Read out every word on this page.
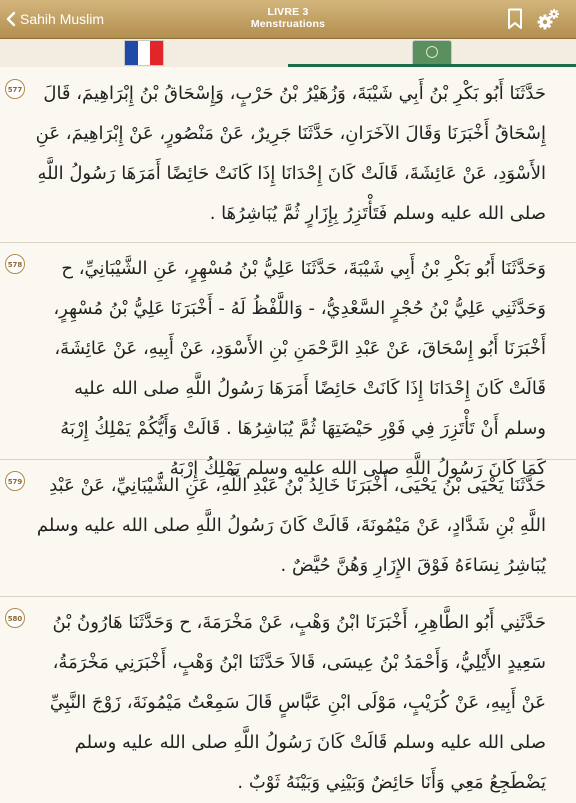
Sahih Muslim	LIVRE 3
Menstruations
577	حَدَّثَنَا أَبُو بَكْرِ بْنُ أَبِي شَيْبَةَ، وَزُهَيْرُ بْنُ حَرْبٍ، وَإِسْحَاقُ بْنُ إِبْرَاهِيمَ، قَالَ إِسْحَاقُ أَخْبَرَنَا وَقَالَ الآخَرَانِ، حَدَّثَنَا جَرِيرٌ، عَنْ مَنْصُورٍ، عَنْ إِبْرَاهِيمَ، عَنِ الأَسْوَدِ، عَنْ عَائِشَةَ، قَالَتْ كَانَ إِحْدَانَا إِذَا كَانَتْ حَائِضًا أَمَرَهَا رَسُولُ اللَّهِ صلى الله عليه وسلم فَتَأْتَزِرُ بِإِزَارٍ ثُمَّ يُبَاشِرُهَا .
578	وَحَدَّثَنَا أَبُو بَكْرِ بْنُ أَبِي شَيْبَةَ، حَدَّثَنَا عَلِيُّ بْنُ مُسْهِرٍ، عَنِ الشَّيْبَانِيِّ، ح وَحَدَّثَنِي عَلِيُّ بْنُ حُجْرٍ السَّعْدِيُّ، - وَاللَّفْظُ لَهُ - أَخْبَرَنَا عَلِيُّ بْنُ مُسْهِرٍ، أَخْبَرَنَا أَبُو إِسْحَاقَ، عَنْ عَبْدِ الرَّحْمَنِ بْنِ الأَسْوَدِ، عَنْ أَبِيهِ، عَنْ عَائِشَةَ، قَالَتْ كَانَ إِحْدَانَا إِذَا كَانَتْ حَائِضًا أَمَرَهَا رَسُولُ اللَّهِ صلى الله عليه وسلم أَنْ تَأْتَزِرَ فِي فَوْرِ حَيْضَتِهَا ثُمَّ يُبَاشِرُهَا . قَالَتْ وَأَيُّكُمْ يَمْلِكُ إِرْبَهُ كَمَا كَانَ رَسُولُ اللَّهِ صلى الله عليه وسلم يَمْلِكُ إِرْبَهُ .
579	حَدَّثَنَا يَحْيَى بْنُ يَحْيَى، أَخْبَرَنَا خَالِدُ بْنُ عَبْدِ اللَّهِ، عَنِ الشَّيْبَانِيِّ، عَنْ عَبْدِ اللَّهِ بْنِ شَدَّادٍ، عَنْ مَيْمُونَةَ، قَالَتْ كَانَ رَسُولُ اللَّهِ صلى الله عليه وسلم يُبَاشِرُ نِسَاءَهُ فَوْقَ الإِزَارِ وَهُنَّ حُيَّضٌ .
580	حَدَّثَنِي أَبُو الطَّاهِرِ، أَخْبَرَنَا ابْنُ وَهْبٍ، عَنْ مَخْرَمَةَ، ح وَحَدَّثَنَا هَارُونُ بْنُ سَعِيدٍ الأَيْلِيُّ، وَأَحْمَدُ بْنُ عِيسَى، قَالاَ حَدَّثَنَا ابْنُ وَهْبٍ، أَخْبَرَنِي مَخْرَمَةُ، عَنْ أَبِيهِ، عَنْ كُرَيْبٍ، مَوْلَى ابْنِ عَبَّاسٍ قَالَ سَمِعْتُ مَيْمُونَةَ، زَوْجَ النَّبِيِّ صلى الله عليه وسلم قَالَتْ كَانَ رَسُولُ اللَّهِ صلى الله عليه وسلم يَضْطَجِعُ مَعِي وَأَنَا حَائِضٌ وَبَيْنِي وَبَيْنَهُ ثَوْبٌ .
